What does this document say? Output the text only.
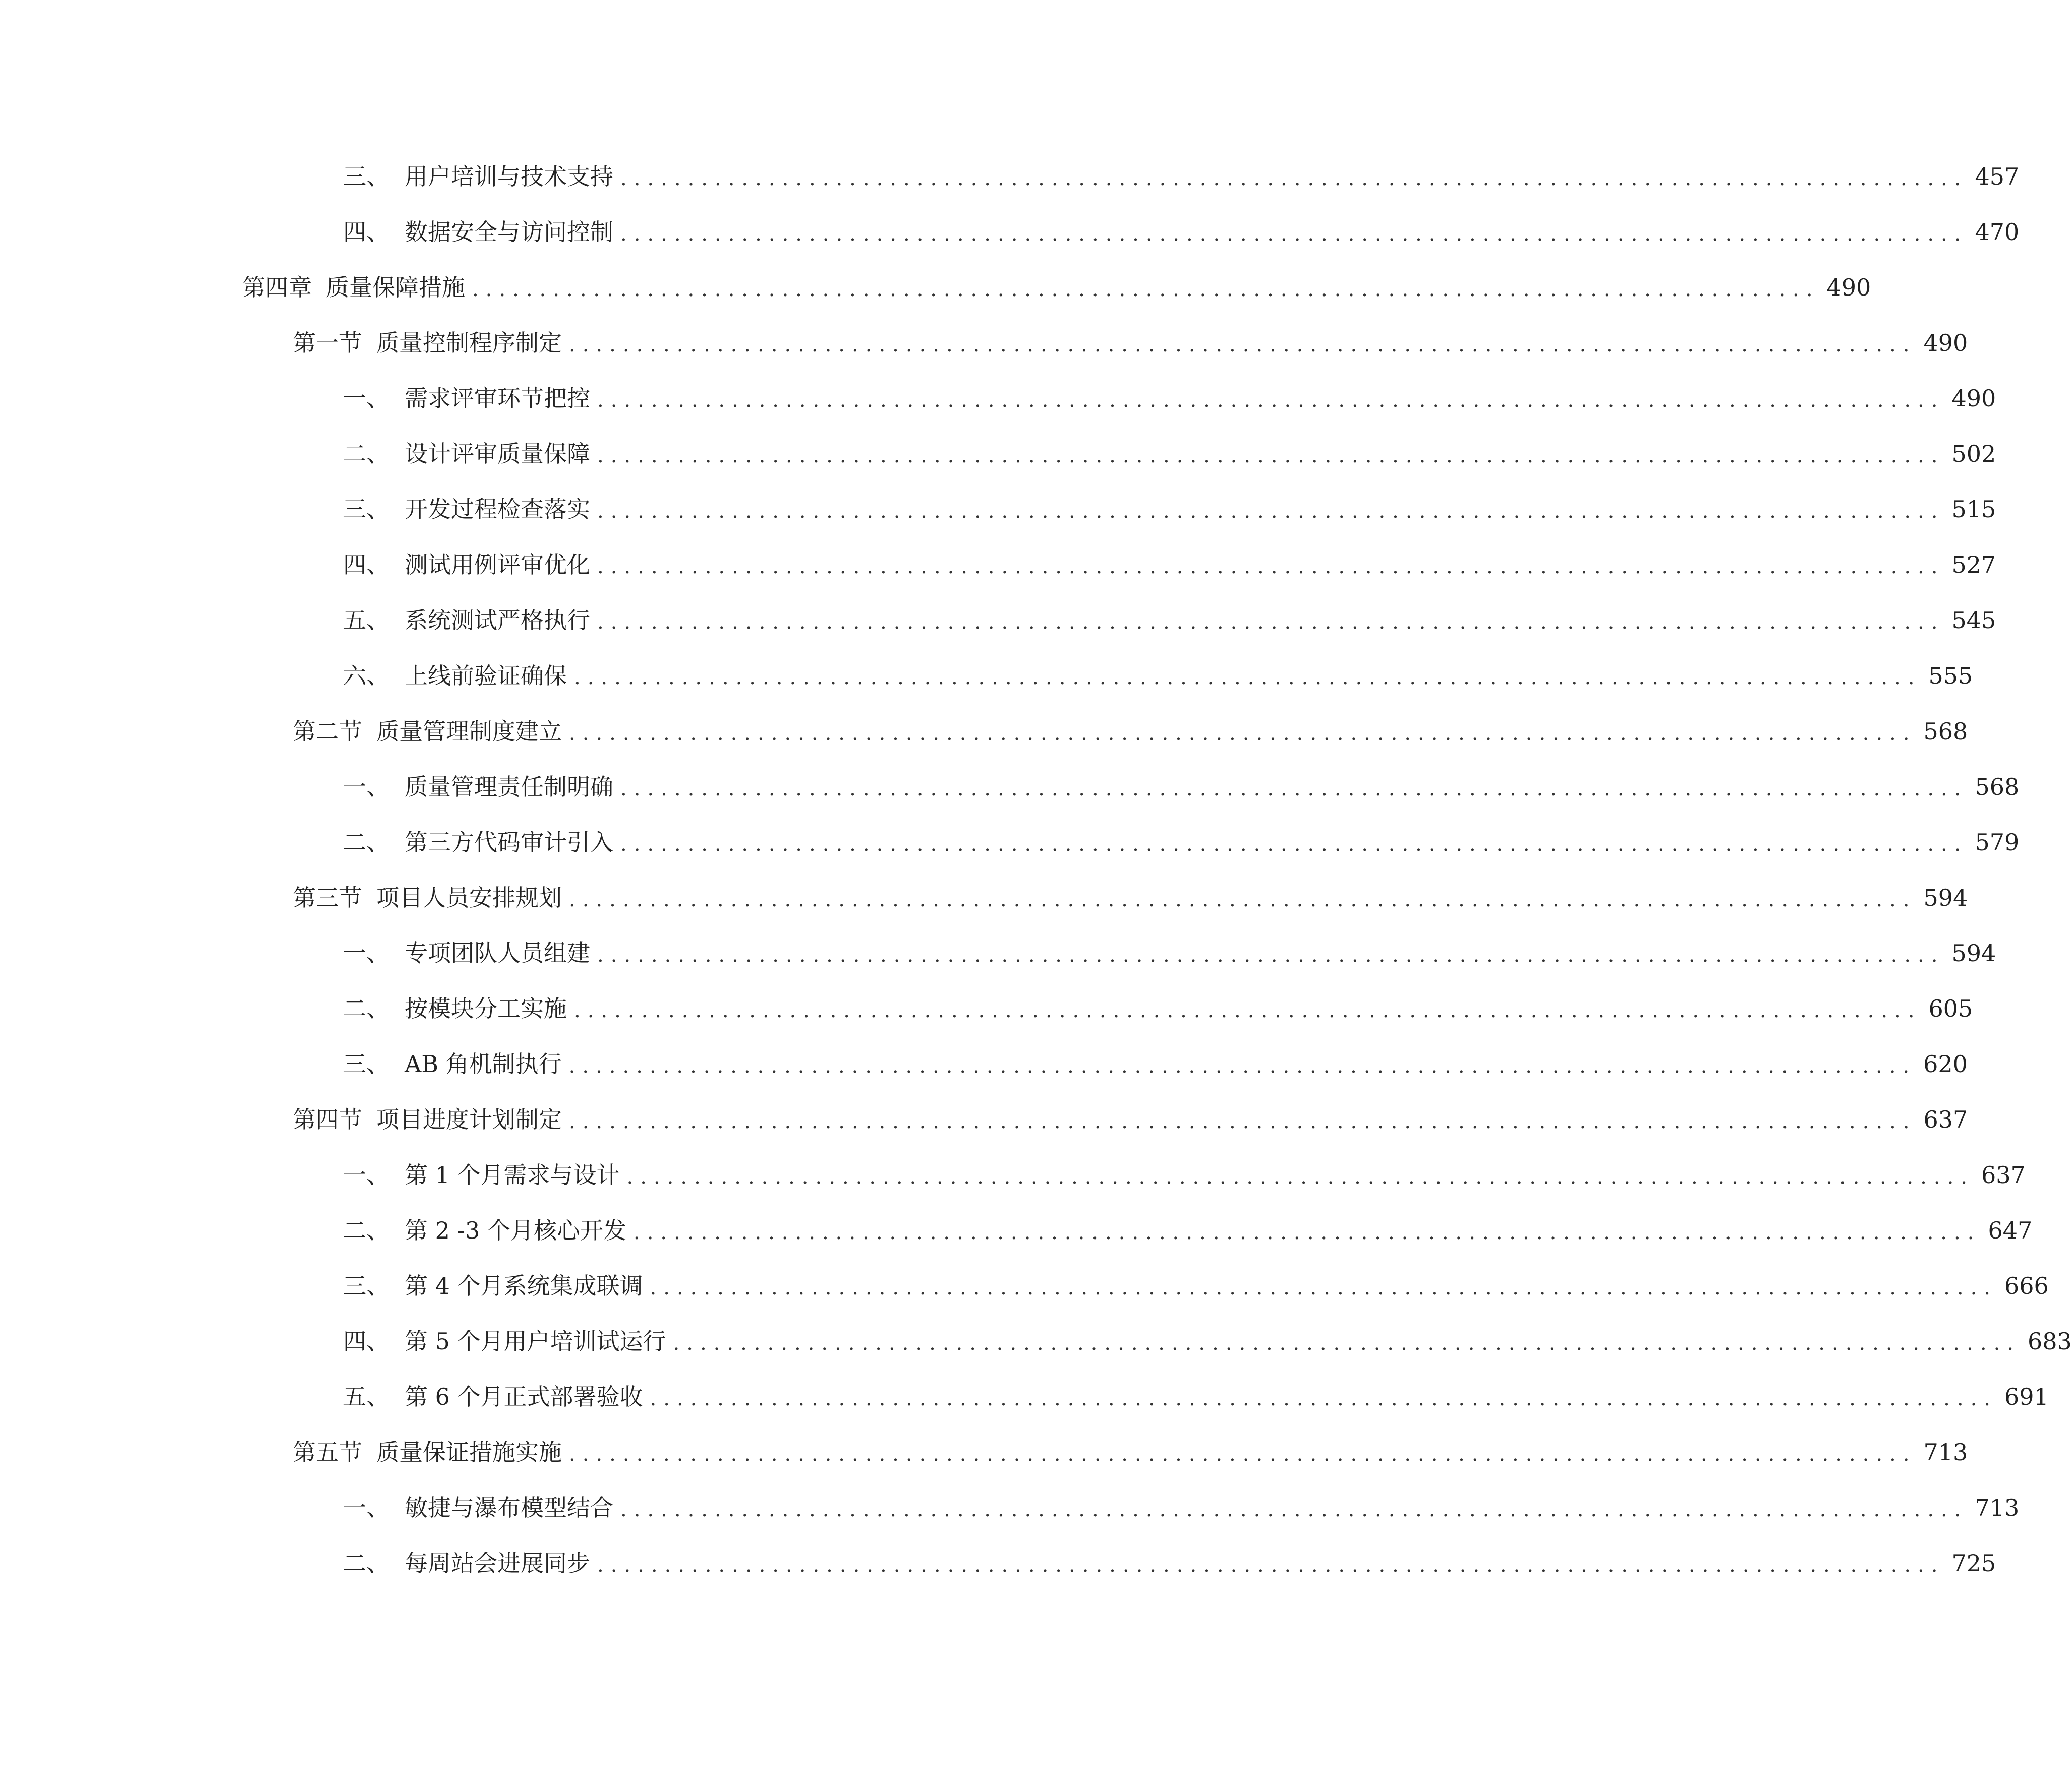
三、 用户培训与技术支持 .................................................................................................... 457
四、 数据安全与访问控制 .................................................................................................... 470
第四章 质量保障措施 .................................................................................................... 490
第一节 质量控制程序制定 .................................................................................................... 490
一、 需求评审环节把控 .................................................................................................... 490
二、 设计评审质量保障 .................................................................................................... 502
三、 开发过程检查落实 .................................................................................................... 515
四、 测试用例评审优化 .................................................................................................... 527
五、 系统测试严格执行 .................................................................................................... 545
六、 上线前验证确保 .................................................................................................... 555
第二节 质量管理制度建立 .................................................................................................... 568
一、 质量管理责任制明确 .................................................................................................... 568
二、 第三方代码审计引入 .................................................................................................... 579
第三节 项目人员安排规划 .................................................................................................... 594
一、 专项团队人员组建 .................................................................................................... 594
二、 按模块分工实施 .................................................................................................... 605
三、 AB 角机制执行 .................................................................................................... 620
第四节 项目进度计划制定 .................................................................................................... 637
一、 第 1 个月需求与设计 .................................................................................................... 637
二、 第 2 -3 个月核心开发 .................................................................................................... 647
三、 第 4 个月系统集成联调 .................................................................................................... 666
四、 第 5 个月用户培训试运行 .................................................................................................... 683
五、 第 6 个月正式部署验收 .................................................................................................... 691
第五节 质量保证措施实施 .................................................................................................... 713
一、 敏捷与瀑布模型结合 .................................................................................................... 713
二、 每周站会进展同步 .................................................................................................... 725
